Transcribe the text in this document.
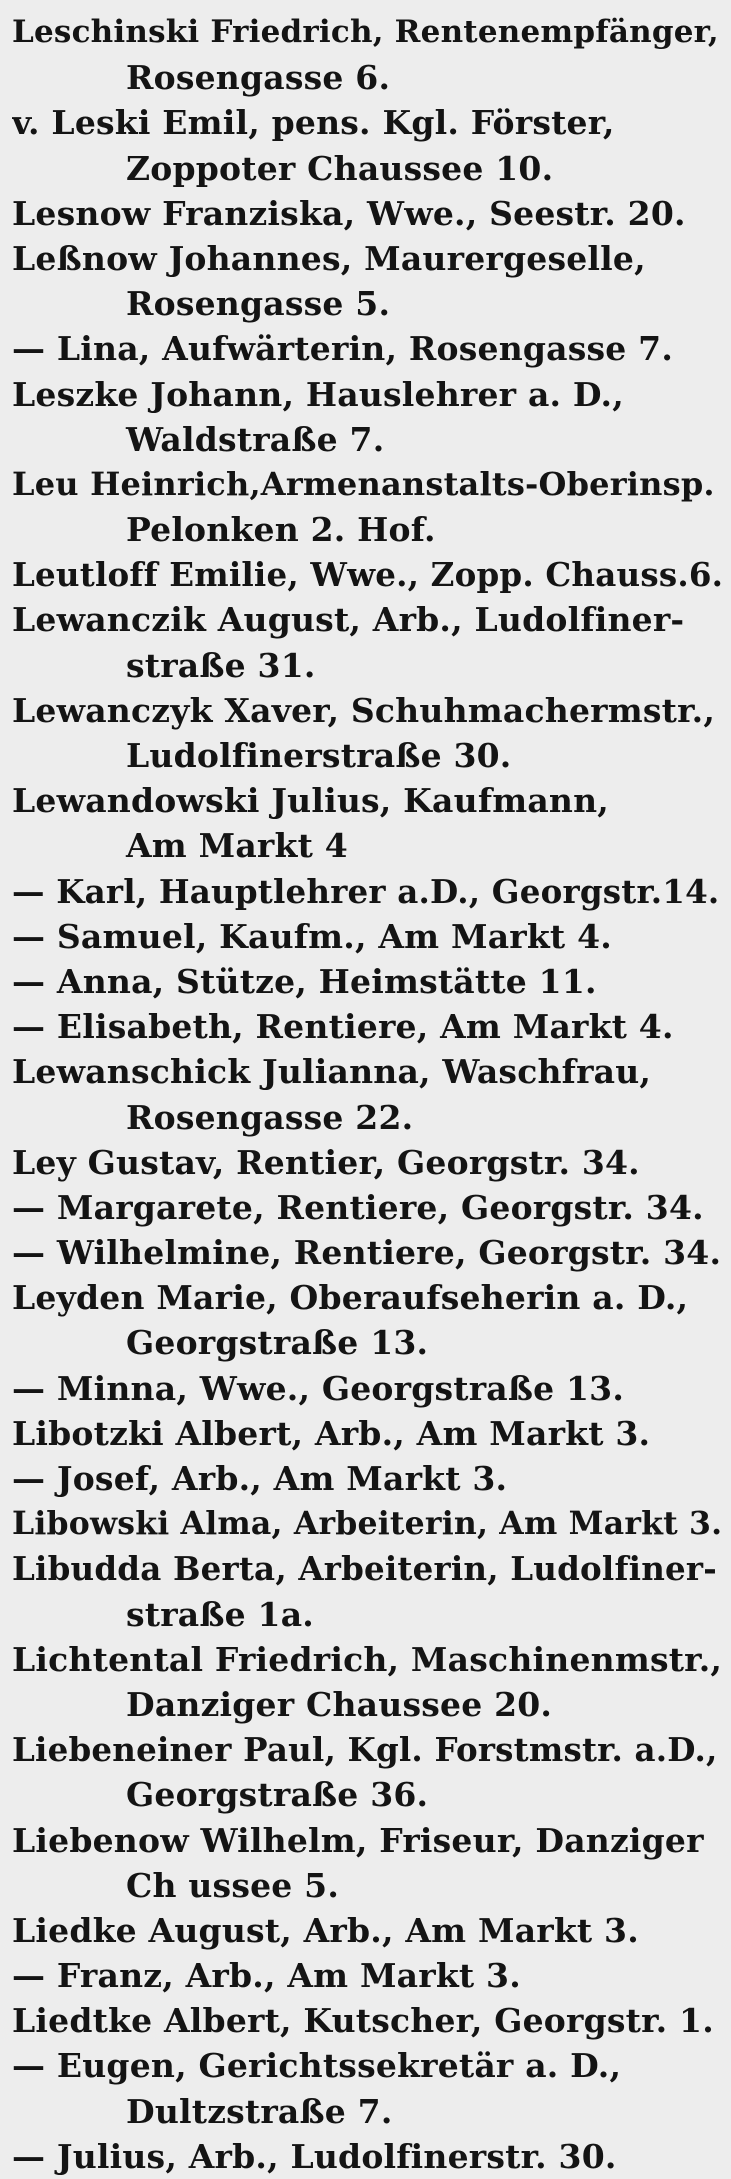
Leschinski Friedrich, Rentenempfänger,
Rosengasse 6.
v. Leski Emil, pens. Kgl. Förster,
Zoppoter Chaussee 10.
Lesnow Franziska, Wwe., Seestr. 20.
Leßnow Johannes, Maurergeselle,
Rosengasse 5.
— Lina, Aufwärterin, Rosengasse 7.
Leszke Johann, Hauslehrer a. D.,
Waldstraße 7.
Leu Heinrich,Armenanstalts-Oberinsp.
Pelonken 2. Hof.
Leutloff Emilie, Wwe., Zopp. Chauss.6.
Lewanczik August, Arb., Ludolfiner-
straße 31.
Lewanczyk Xaver, Schuhmachermstr.,
Ludolfinerstraße 30.
Lewandowski Julius, Kaufmann,
Am Markt 4
— Karl, Hauptlehrer a.D., Georgstr.14.
— Samuel, Kaufm., Am Markt 4.
— Anna, Stütze, Heimstätte 11.
— Elisabeth, Rentiere, Am Markt 4.
Lewanschick Julianna, Waschfrau,
Rosengasse 22.
Ley Gustav, Rentier, Georgstr. 34.
— Margarete, Rentiere, Georgstr. 34.
— Wilhelmine, Rentiere, Georgstr. 34.
Leyden Marie, Oberaufseherin a. D.,
Georgstraße 13.
— Minna, Wwe., Georgstraße 13.
Libotzki Albert, Arb., Am Markt 3.
— Josef, Arb., Am Markt 3.
Libowski Alma, Arbeiterin, Am Markt 3.
Libudda Berta, Arbeiterin, Ludolfiner-
straße 1a.
Lichtental Friedrich, Maschinenmstr.,
Danziger Chaussee 20.
Liebeneiner Paul, Kgl. Forstmstr. a.D.,
Georgstraße 36.
Liebenow Wilhelm, Friseur, Danziger
Ch ussee 5.
Liedke August, Arb., Am Markt 3.
— Franz, Arb., Am Markt 3.
Liedtke Albert, Kutscher, Georgstr. 1.
— Eugen, Gerichtssekretär a. D.,
Dultzstraße 7.
— Julius, Arb., Ludolfinerstr. 30.
